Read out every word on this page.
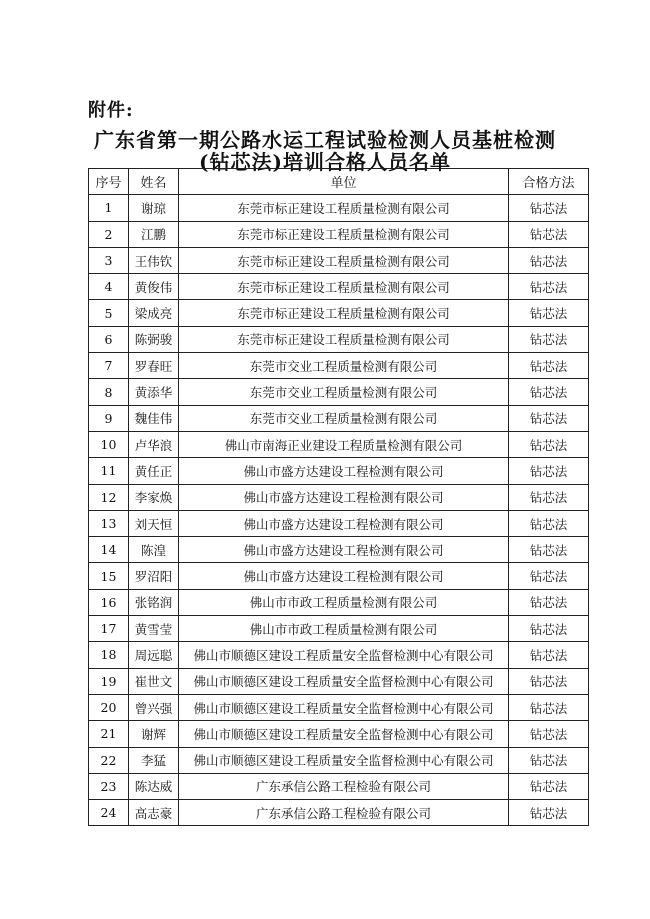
附件:
广东省第一期公路水运工程试验检测人员基桩检测
(钻芯法)培训合格人员名单
序号	姓名	单位	合格方法
1	谢琼	东莞市标正建设工程质量检测有限公司	钻芯法
2	江鹏	东莞市标正建设工程质量检测有限公司	钻芯法
3	王伟钦	东莞市标正建设工程质量检测有限公司	钻芯法
4	黄俊伟	东莞市标正建设工程质量检测有限公司	钻芯法
5	梁成亮	东莞市标正建设工程质量检测有限公司	钻芯法
6	陈弼骏	东莞市标正建设工程质量检测有限公司	钻芯法
7	罗春旺	东莞市交业工程质量检测有限公司	钻芯法
8	黄添华	东莞市交业工程质量检测有限公司	钻芯法
9	魏佳伟	东莞市交业工程质量检测有限公司	钻芯法
10	卢华浪	佛山市南海正业建设工程质量检测有限公司	钻芯法
11	黄任正	佛山市盛方达建设工程检测有限公司	钻芯法
12	李家焕	佛山市盛方达建设工程检测有限公司	钻芯法
13	刘天恒	佛山市盛方达建设工程检测有限公司	钻芯法
14	陈湟	佛山市盛方达建设工程检测有限公司	钻芯法
15	罗沼阳	佛山市盛方达建设工程检测有限公司	钻芯法
16	张铭润	佛山市市政工程质量检测有限公司	钻芯法
17	黄雪莹	佛山市市政工程质量检测有限公司	钻芯法
18	周远聪	佛山市顺德区建设工程质量安全监督检测中心有限公司	钻芯法
19	崔世文	佛山市顺德区建设工程质量安全监督检测中心有限公司	钻芯法
20	曾兴强	佛山市顺德区建设工程质量安全监督检测中心有限公司	钻芯法
21	谢辉	佛山市顺德区建设工程质量安全监督检测中心有限公司	钻芯法
22	李猛	佛山市顺德区建设工程质量安全监督检测中心有限公司	钻芯法
23	陈达威	广东承信公路工程检验有限公司	钻芯法
24	高志豪	广东承信公路工程检验有限公司	钻芯法
